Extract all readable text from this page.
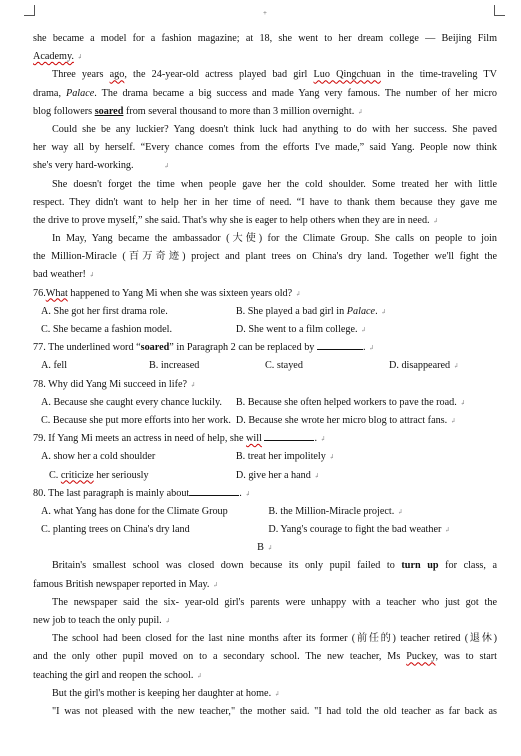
+
she became a model for a fashion magazine; at 18, she went to her dream college — Beijing Film
Academy. ↲
Three years ago, the 24-year-old actress played bad girl Luo Qingchuan in the time-traveling TV
drama, Palace. The drama became a big success and made Yang very famous. The number of her micro
blog followers soared from several thousand to more than 3 million overnight. ↲
Could she be any luckier? Yang doesn't think luck had anything to do with her success. She paved
her way all by herself. “Every chance comes from the efforts I've made,” said Yang. People now think
she's very hard-working.	↲
She doesn't forget the time when people gave her the cold shoulder. Some treated her with little
respect. They didn't want to help her in her time of need. “I have to thank them because they gave me
the drive to prove myself,” she said. That's why she is eager to help others when they are in need. ↲
In May, Yang became the ambassador (大使) for the Climate Group. She calls on people to join
the Million-Miracle (百万奇迹) project and plant trees on China's dry land. Together we'll fight the
bad weather! ↲
76.What happened to Yang Mi when she was sixteen years old? ↲
A. She got her first drama role.	B. She played a bad girl in Palace. ↲
C. She became a fashion model.	D. She went to a film college. ↲
77. The underlined word “soared” in Paragraph 2 can be replaced by	. ↲
A. fell	B. increased	C. stayed	D. disappeared ↲
78. Why did Yang Mi succeed in life? ↲
A. Because she caught every chance luckily.	B. Because she often helped workers to pave the road. ↲
C. Because she put more efforts into her work. D. Because she wrote her micro blog to attract fans. ↲
79. If Yang Mi meets an actress in need of help, she will	. ↲
A. show her a cold shoulder	B. treat her impolitely ↲
C. criticize her seriously	D. give her a hand ↲
80. The last paragraph is mainly about	. ↲
A. what Yang has done for the Climate Group	B. the Million-Miracle project. ↲
C. planting trees on China's dry land	D. Yang's courage to fight the bad weather ↲
B ↲
Britain's smallest school was closed down because its only pupil failed to turn up for class, a
famous British newspaper reported in May. ↲
The newspaper said the six- year-old girl's parents were unhappy with a teacher who just got the
new job to teach the only pupil. ↲
The school had been closed for the last nine months after its former (前任的) teacher retired (退休)
and the only other pupil moved on to a secondary school. The new teacher, Ms Puckey, was to start
teaching the girl and reopen the school. ↲
But the girl's mother is keeping her daughter at home. ↲
"I was not pleased with the new teacher," the mother said. "I had told the old teacher as far back as
